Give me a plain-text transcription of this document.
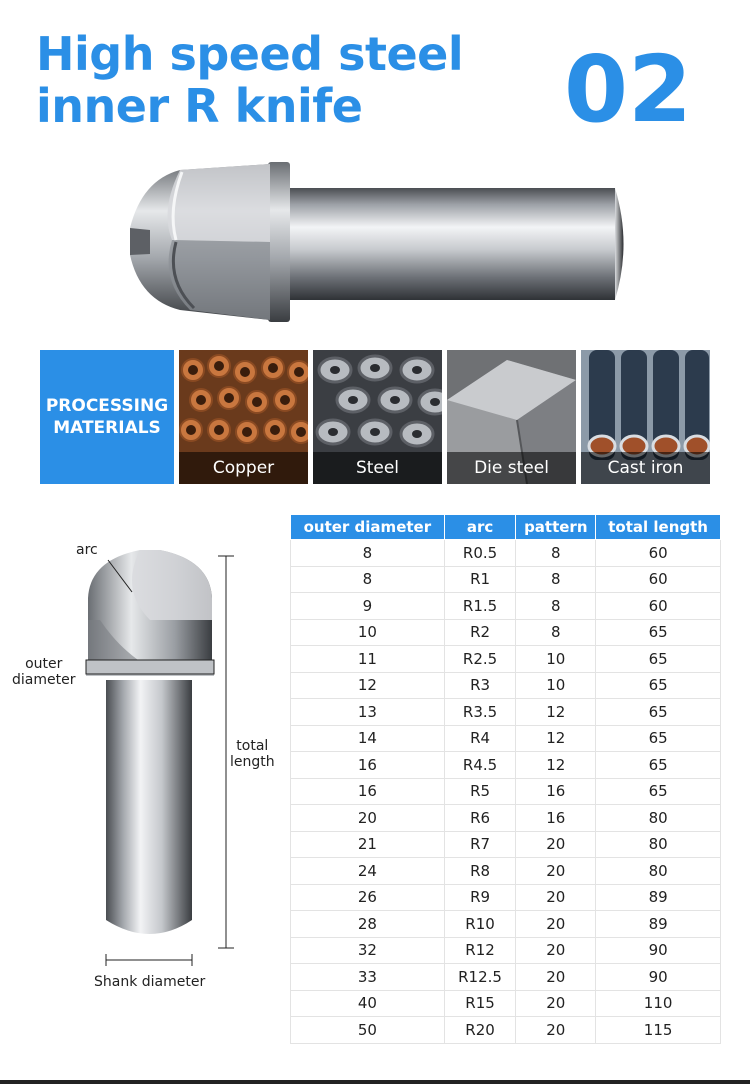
High speed steel
inner R knife	02
PROCESSING
MATERIALS
Copper	Steel	Die steel	Cast iron
arc
outer
diameter
total
length
Shank diameter
outer diameter	arc	pattern	total length
8	R0.5	8	60
8	R1	8	60
9	R1.5	8	60
10	R2	8	65
11	R2.5	10	65
12	R3	10	65
13	R3.5	12	65
14	R4	12	65
16	R4.5	12	65
16	R5	16	65
20	R6	16	80
21	R7	20	80
24	R8	20	80
26	R9	20	89
28	R10	20	89
32	R12	20	90
33	R12.5	20	90
40	R15	20	110
50	R20	20	115
